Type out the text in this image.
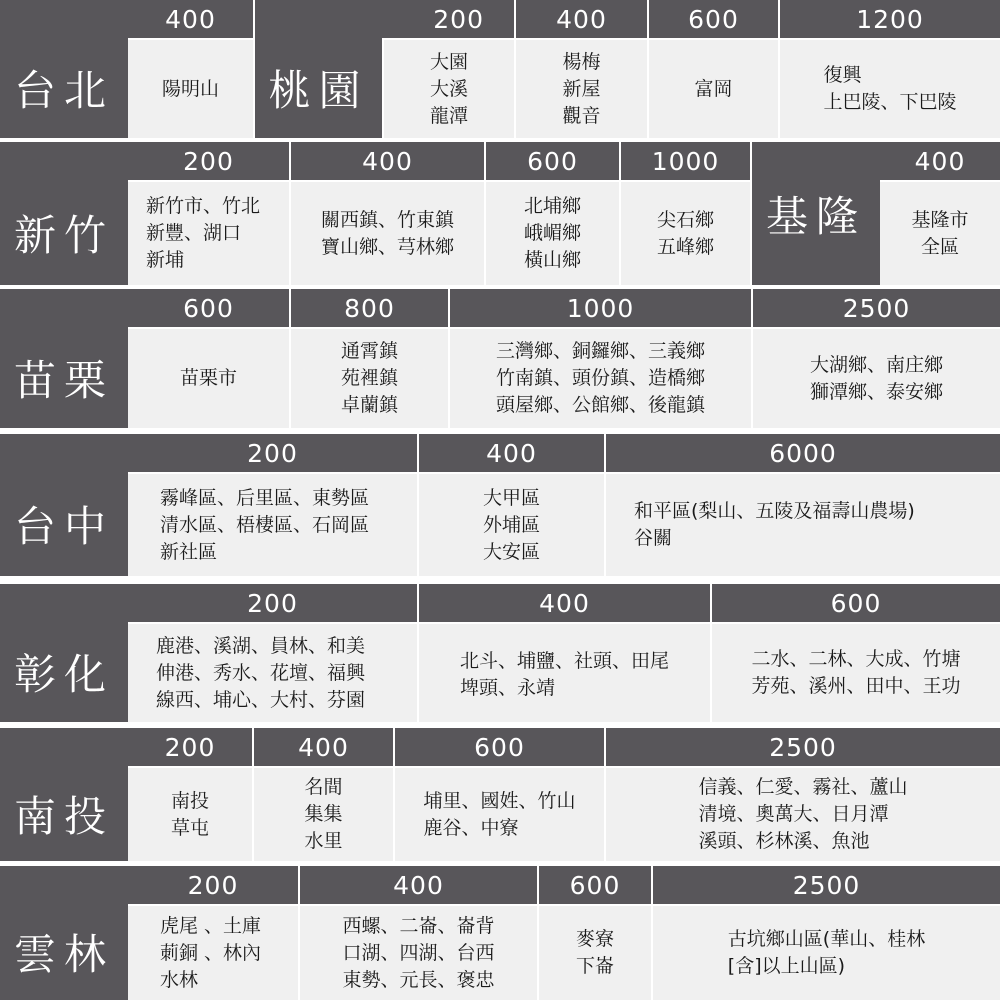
台北
400
陽明山	桃園
200
大園
大溪
龍潭
400
楊梅
新屋
觀音
600
富岡
1200
復興
上巴陵、下巴陵
新竹
200
新竹市、竹北
新豐、湖口
新埔
400
關西鎮、竹東鎮
寶山鄉、芎林鄉
600
北埔鄉
峨嵋鄉
橫山鄉
1000
尖石鄉
五峰鄉
基隆
400
基隆市
全區
苗栗
600
苗栗市
800
通霄鎮
苑裡鎮
卓蘭鎮
1000
三灣鄉、銅鑼鄉、三義鄉
竹南鎮、頭份鎮、造橋鄉
頭屋鄉、公館鄉、後龍鎮
2500
大湖鄉、南庄鄉
獅潭鄉、泰安鄉
台中
200
霧峰區、后里區、東勢區
清水區、梧棲區、石岡區
新社區
400
大甲區
外埔區
大安區
6000
和平區(梨山、五陵及福壽山農場)
谷關
彰化
200
鹿港、溪湖、員林、和美
伸港、秀水、花壇、福興
線西、埔心、大村、芬園
400
北斗、埔鹽、社頭、田尾
埤頭、永靖
600
二水、二林、大成、竹塘
芳苑、溪州、田中、王功
南投
200
南投
草屯
400
名間
集集
水里
600
埔里、國姓、竹山
鹿谷、中寮
2500
信義、仁愛、霧社、蘆山
清境、奧萬大、日月潭
溪頭、杉林溪、魚池
雲林
200
虎尾 、土庫
莿銅 、林內
水林
400
西螺、二崙、崙背
口湖、四湖、台西
東勢、元長、褒忠
600
麥寮
下崙
2500
古坑鄉山區(華山、桂林
[含]以上山區)
